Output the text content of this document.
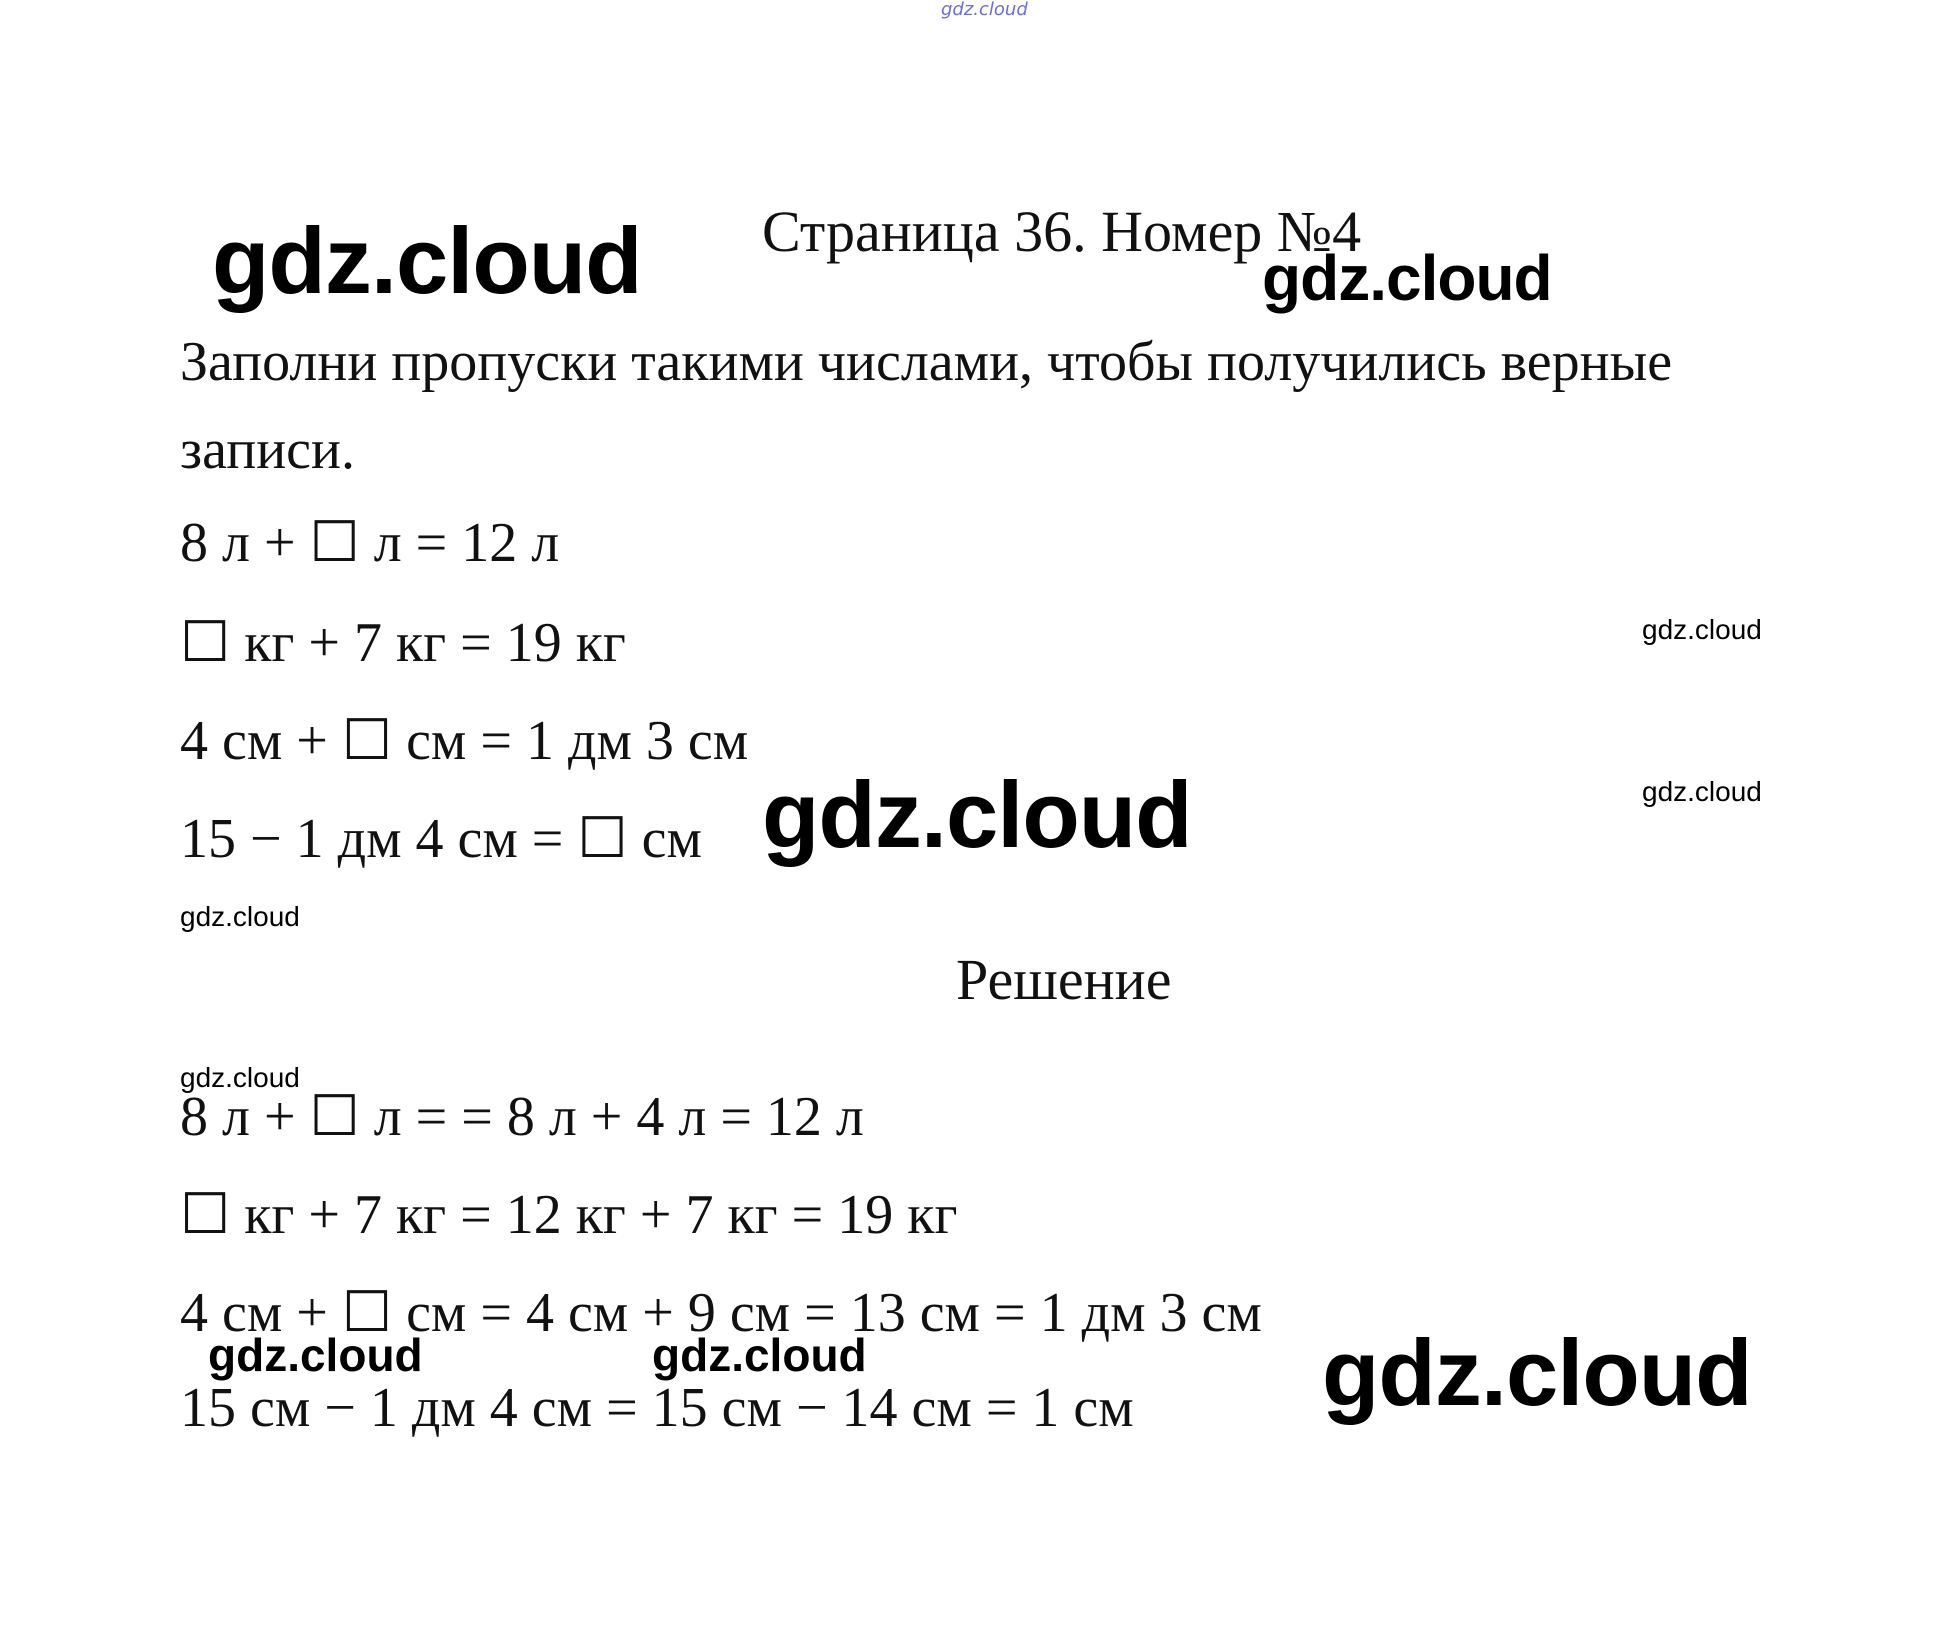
gdz.cloud
gdz.cloud	gdz.cloud
gdz.cloud
gdz.cloud
gdz.cloud
gdz.cloud
gdz.cloud
gdz.cloud	gdz.cloud	gdz.cloud
Страница 36. Номер №4
Заполни пропуски такими числами, чтобы получились верные
записи.
8 л + ☐ л = 12 л
☐ кг + 7 кг = 19 кг
4 см + ☐ см = 1 дм 3 см
15 − 1 дм 4 см = ☐ см
Решение
8 л + ☐ л = = 8 л + 4 л = 12 л
☐ кг + 7 кг = 12 кг + 7 кг = 19 кг
4 см + ☐ см = 4 см + 9 см = 13 см = 1 дм 3 см
15 см − 1 дм 4 см = 15 см − 14 см = 1 см
